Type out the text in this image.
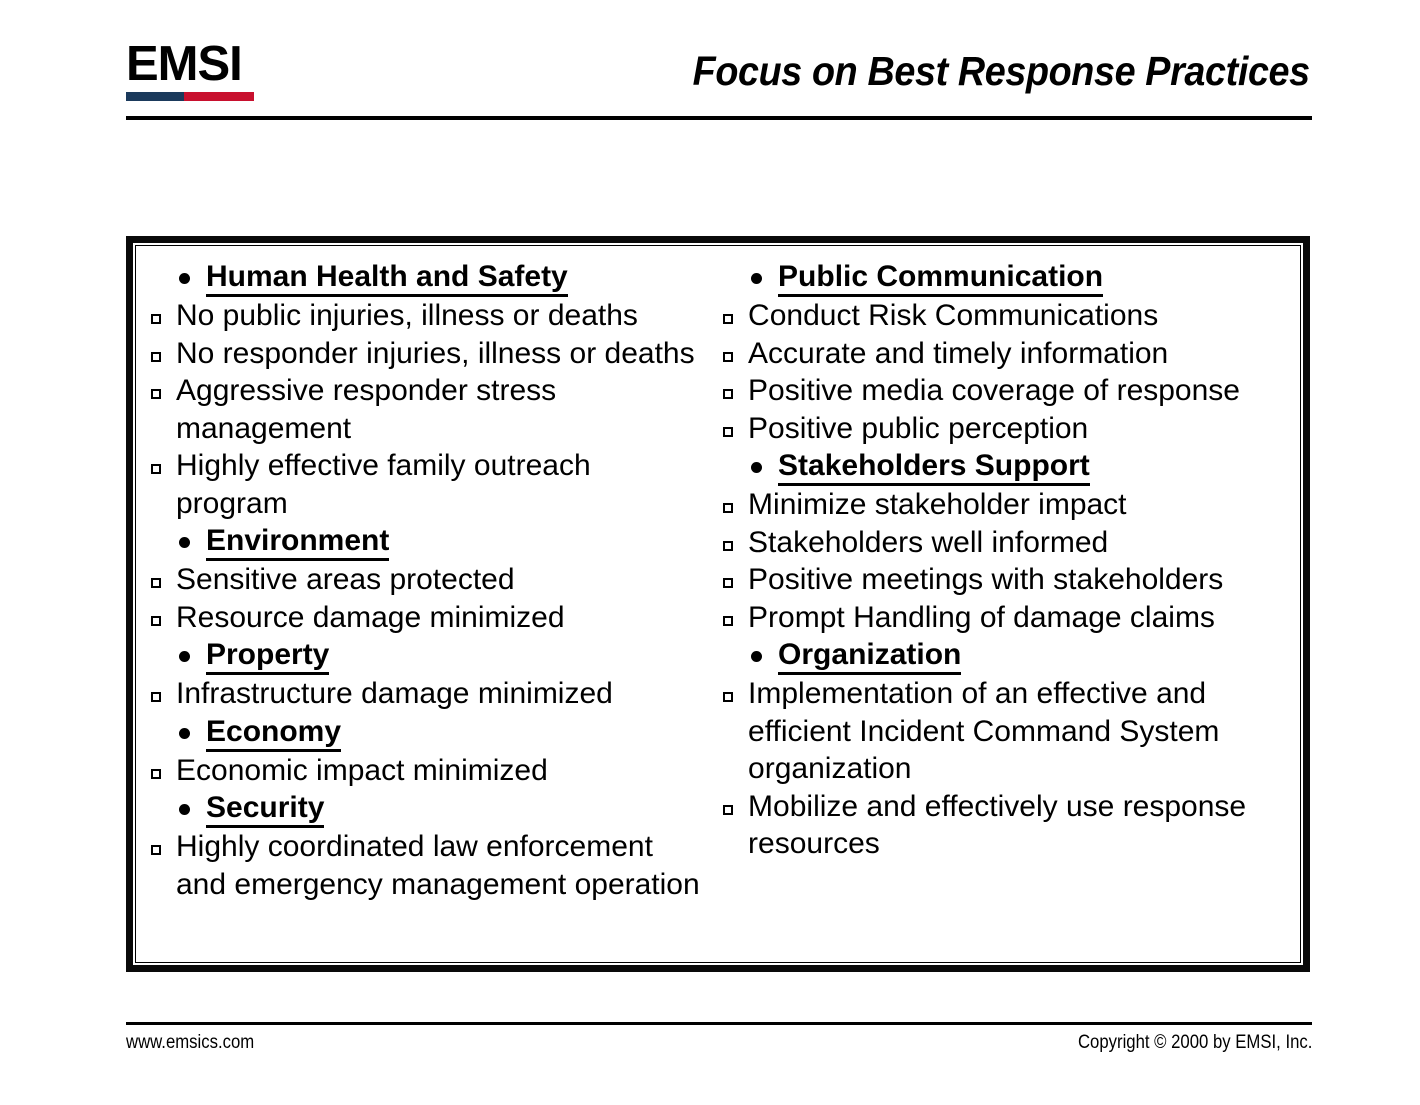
EMSI	Focus on Best Response Practices
Human Health and Safety
No public injuries, illness or deaths
No responder injuries, illness or deaths
Aggressive responder stress management
Highly effective family outreach program
Environment
Sensitive areas protected
Resource damage minimized
Property
Infrastructure damage minimized
Economy
Economic impact minimized
Security
Highly coordinated law enforcement and emergency management operation
Public Communication
Conduct Risk Communications
Accurate and timely information
Positive media coverage of response
Positive public perception
Stakeholders Support
Minimize stakeholder impact
Stakeholders well informed
Positive meetings with stakeholders
Prompt Handling of damage claims
Organization
Implementation of an effective and efficient Incident Command System organization
Mobilize and effectively use response resources
www.emsics.com	Copyright © 2000 by EMSI, Inc.
